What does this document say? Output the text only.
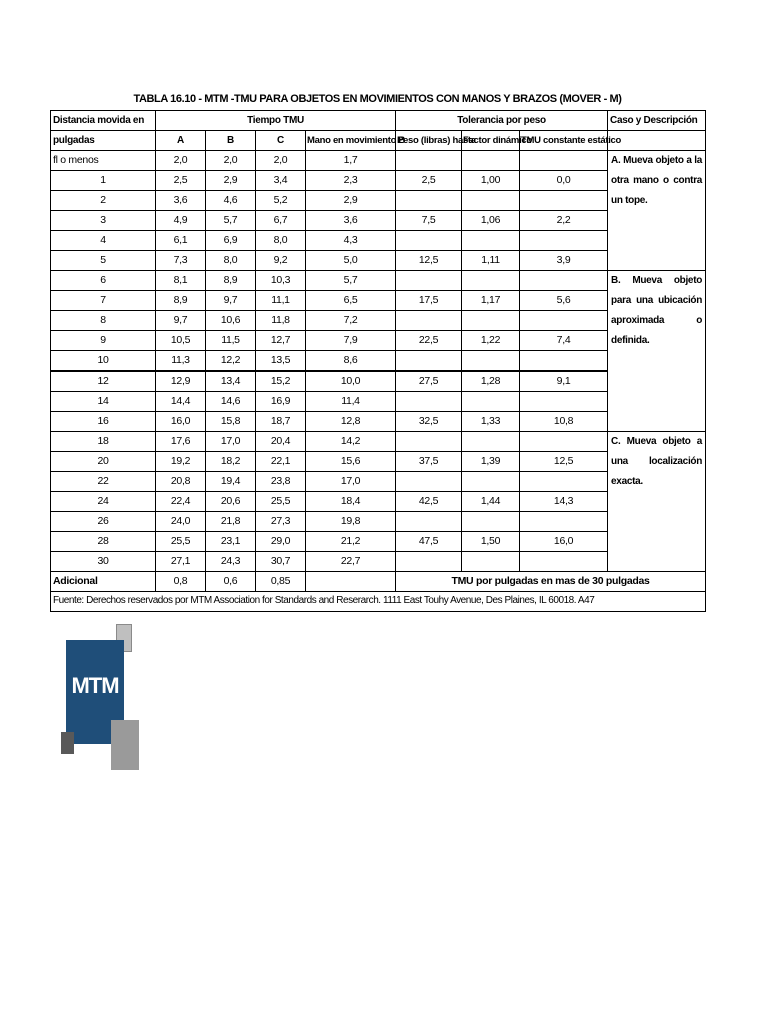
TABLA 16.10 - MTM -TMU PARA OBJETOS EN MOVIMIENTOS CON MANOS Y BRAZOS (MOVER - M)
Distancia movida en	Tiempo TMU				Tolerancia por peso			Caso y Descripción
pulgadas	A	B	C	Mano en movimiento B	Peso (libras) hasta	Factor dinámico	TMU constante estático	
fl o menos	2,0	2,0	2,0	1,7				A. Mueva objeto a la otra mano o contra un tope.
1	2,5	2,9	3,4	2,3	2,5	1,00	0,0	
2	3,6	4,6	5,2	2,9				
3	4,9	5,7	6,7	3,6	7,5	1,06	2,2	
4	6,1	6,9	8,0	4,3				
5	7,3	8,0	9,2	5,0	12,5	1,11	3,9	
6	8,1	8,9	10,3	5,7				B. Mueva objeto para una ubicación aproximada o definida.
7	8,9	9,7	11,1	6,5	17,5	1,17	5,6	
8	9,7	10,6	11,8	7,2				
9	10,5	11,5	12,7	7,9	22,5	1,22	7,4	
10	11,3	12,2	13,5	8,6				
12	12,9	13,4	15,2	10,0	27,5	1,28	9,1	
14	14,4	14,6	16,9	11,4				
16	16,0	15,8	18,7	12,8	32,5	1,33	10,8	
18	17,6	17,0	20,4	14,2				C. Mueva objeto a una localización exacta.
20	19,2	18,2	22,1	15,6	37,5	1,39	12,5	
22	20,8	19,4	23,8	17,0				
24	22,4	20,6	25,5	18,4	42,5	1,44	14,3	
26	24,0	21,8	27,3	19,8				
28	25,5	23,1	29,0	21,2	47,5	1,50	16,0	
30	27,1	24,3	30,7	22,7				
Adicional	0,8	0,6	0,85		TMU por pulgadas en mas de 30 pulgadas			

Fuente: Derechos reservados por MTM Association for Standards and Reserarch. 1111 East Touhy Avenue, Des Plaines, IL 60018. A47
MTM								
